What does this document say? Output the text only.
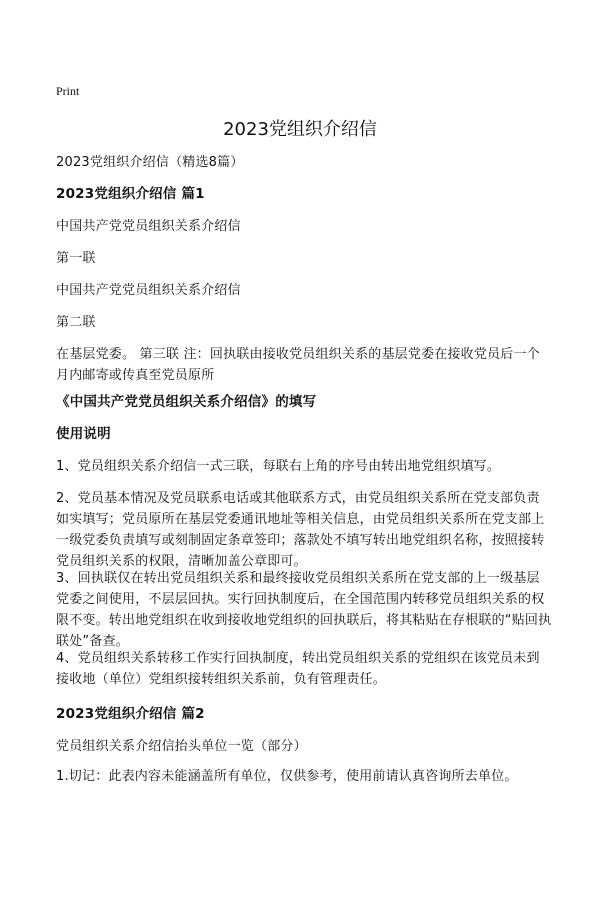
Print
2023党组织介绍信

2023党组织介绍信（精选8篇）

2023党组织介绍信 篇1

中国共产党党员组织关系介绍信

第一联

中国共产党党员组织关系介绍信

第二联

在基层党委。 第三联 注：回执联由接收党员组织关系的基层党委在接收党员后一个月内邮寄或传真至党员原所

《中国共产党党员组织关系介绍信》的填写

使用说明

1、党员组织关系介绍信一式三联，每联右上角的序号由转出地党组织填写。

2、党员基本情况及党员联系电话或其他联系方式，由党员组织关系所在党支部负责如实填写；党员原所在基层党委通讯地址等相关信息，由党员组织关系所在党支部上一级党委负责填写或刻制固定条章签印；落款处不填写转出地党组织名称，按照接转党员组织关系的权限，清晰加盖公章即可。

3、回执联仅在转出党员组织关系和最终接收党员组织关系所在党支部的上一级基层党委之间使用，不层层回执。实行回执制度后，在全国范围内转移党员组织关系的权限不变。转出地党组织在收到接收地党组织的回执联后，将其粘贴在存根联的“贴回执联处”备查。

4、党员组织关系转移工作实行回执制度，转出党员组织关系的党组织在该党员未到接收地（单位）党组织接转组织关系前，负有管理责任。

2023党组织介绍信 篇2

党员组织关系介绍信抬头单位一览（部分）

1.切记：此表内容未能涵盖所有单位，仅供参考，使用前请认真咨询所去单位。
